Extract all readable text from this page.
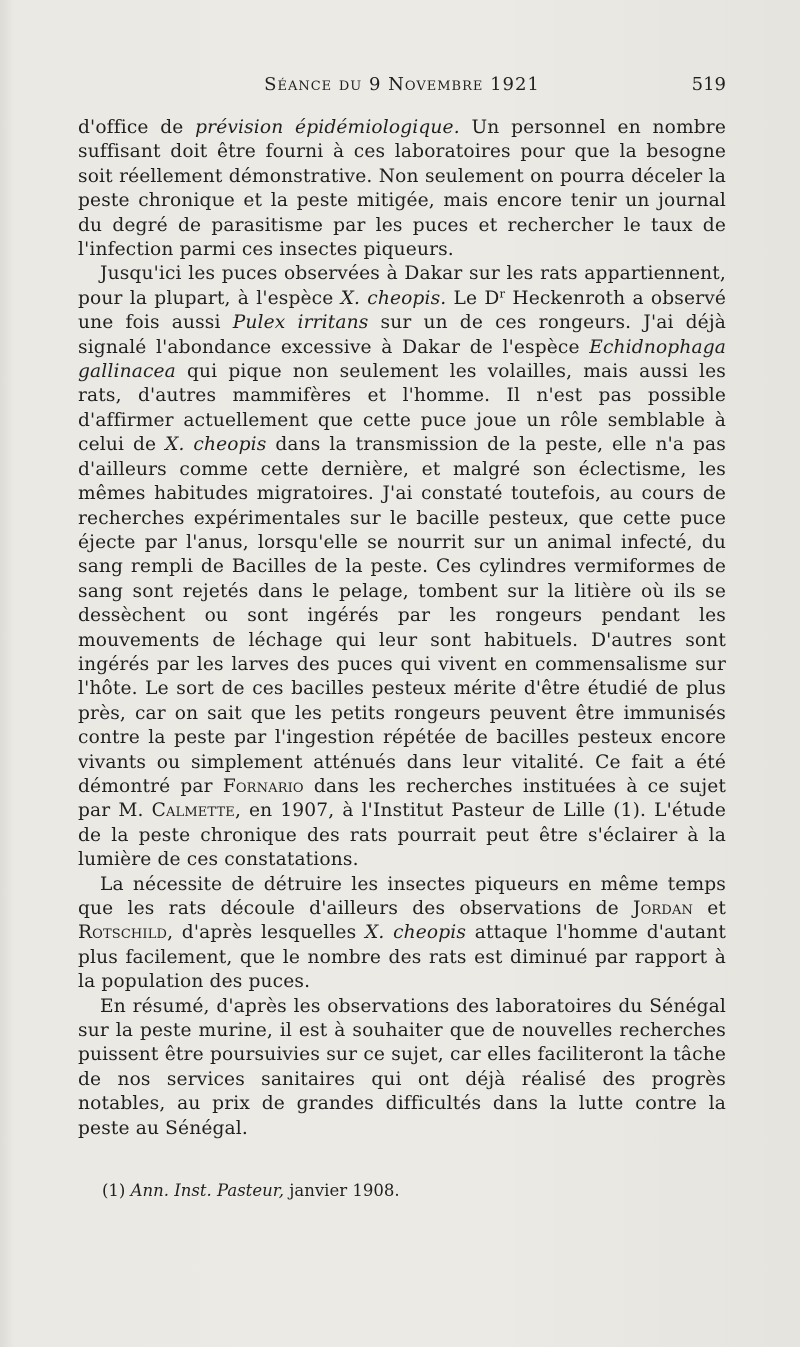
Séance du 9 Novembre 1921	519

d'office de prévision épidémiologique. Un personnel en nombre suffisant doit être fourni à ces laboratoires pour que la besogne soit réellement démonstrative. Non seulement on pourra déceler la peste chronique et la peste mitigée, mais encore tenir un journal du degré de parasitisme par les puces et rechercher le taux de l'infection parmi ces insectes piqueurs.

Jusqu'ici les puces observées à Dakar sur les rats appartiennent, pour la plupart, à l'espèce X. cheopis. Le $D^r$ Heckenroth a observé une fois aussi Pulex irritans sur un de ces rongeurs. J'ai déjà signalé l'abondance excessive à Dakar de l'espèce Echidnophaga gallinacea qui pique non seulement les volailles, mais aussi les rats, d'autres mammifères et l'homme. Il n'est pas possible d'affirmer actuellement que cette puce joue un rôle semblable à celui de X. cheopis dans la transmission de la peste, elle n'a pas d'ailleurs comme cette dernière, et malgré son éclectisme, les mêmes habitudes migratoires. J'ai constaté toutefois, au cours de recherches expérimentales sur le bacille pesteux, que cette puce éjecte par l'anus, lorsqu'elle se nourrit sur un animal infecté, du sang rempli de Bacilles de la peste. Ces cylindres vermiformes de sang sont rejetés dans le pelage, tombent sur la litière où ils se dessèchent ou sont ingérés par les rongeurs pendant les mouvements de léchage qui leur sont habituels. D'autres sont ingérés par les larves des puces qui vivent en commensalisme sur l'hôte. Le sort de ces bacilles pesteux mérite d'être étudié de plus près, car on sait que les petits rongeurs peuvent être immunisés contre la peste par l'ingestion répétée de bacilles pesteux encore vivants ou simplement atténués dans leur vitalité. Ce fait a été démontré par Fornario dans les recherches instituées à ce sujet par M. Calmette, en 1907, à l'Institut Pasteur de Lille (1). L'étude de la peste chronique des rats pourrait peut être s'éclairer à la lumière de ces constatations.

La nécessite de détruire les insectes piqueurs en même temps que les rats découle d'ailleurs des observations de Jordan et Rotschild, d'après lesquelles X. cheopis attaque l'homme d'autant plus facilement, que le nombre des rats est diminué par rapport à la population des puces.

En résumé, d'après les observations des laboratoires du Sénégal sur la peste murine, il est à souhaiter que de nouvelles recherches puissent être poursuivies sur ce sujet, car elles faciliteront la tâche de nos services sanitaires qui ont déjà réalisé des progrès notables, au prix de grandes difficultés dans la lutte contre la peste au Sénégal.

(1) Ann. Inst. Pasteur, janvier 1908.
